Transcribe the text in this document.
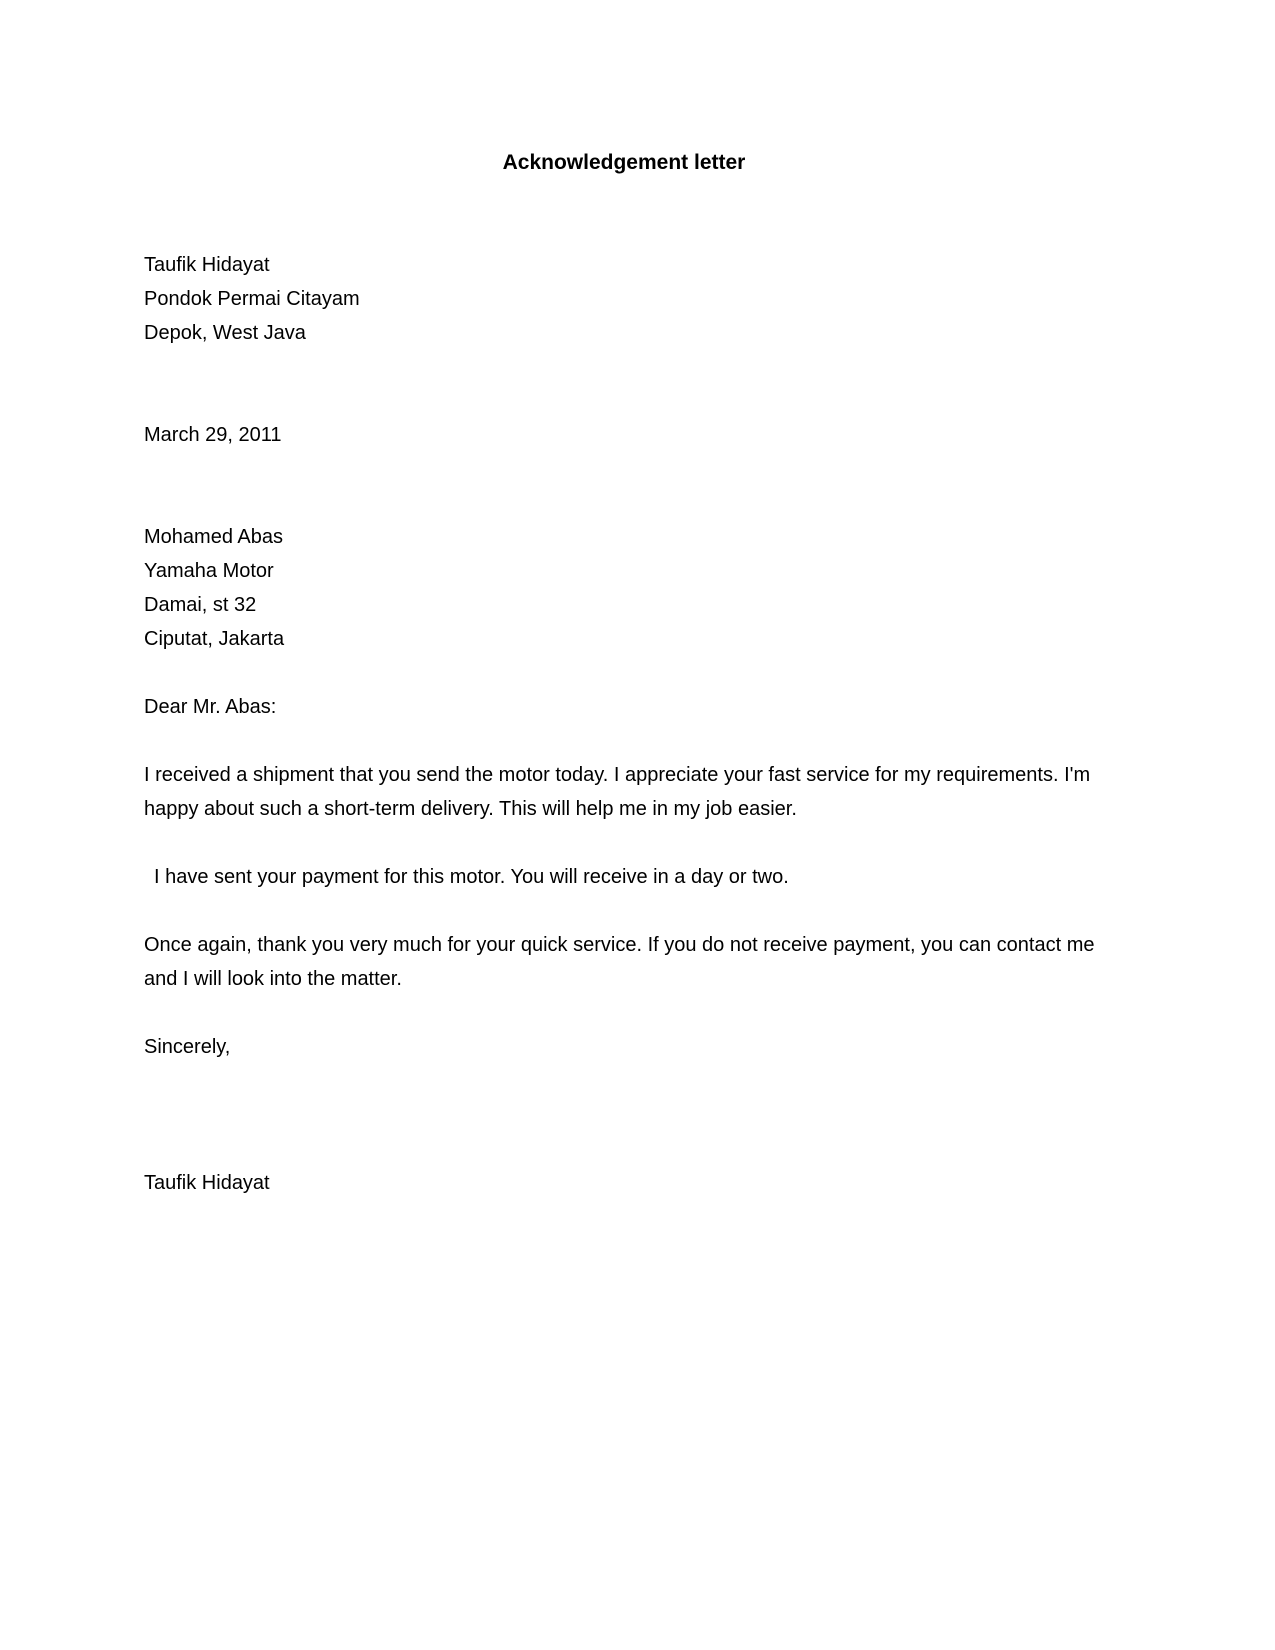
Acknowledgement letter
Taufik Hidayat
Pondok Permai Citayam
Depok, West Java
March 29, 2011
Mohamed Abas
Yamaha Motor
Damai, st 32
Ciputat, Jakarta
Dear Mr. Abas:

I received a shipment that you send the motor today. I appreciate your fast service for my requirements. I'm happy about such a short-term delivery. This will help me in my job easier.

I have sent your payment for this motor. You will receive in a day or two.

Once again, thank you very much for your quick service. If you do not receive payment, you can contact me and I will look into the matter.

Sincerely,
Taufik Hidayat
